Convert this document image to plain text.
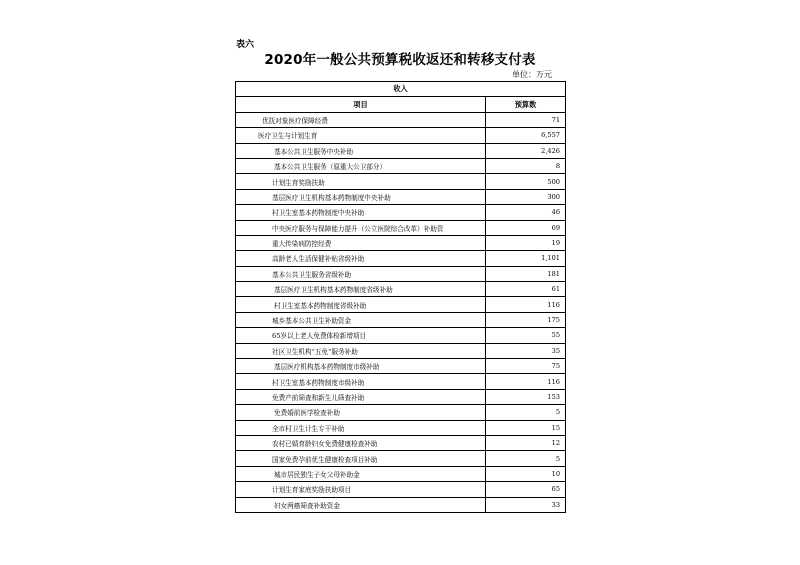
表六
2020年一般公共预算税收返还和转移支付表
单位：万元
收入	
项目	预算数
优抚对象医疗保障经费	71
医疗卫生与计划生育	6,557
基本公共卫生服务中央补助	2,426
基本公共卫生服务（原重大公卫部分）	8
计划生育奖励扶助	500
基层医疗卫生机构基本药物制度中央补助	300
村卫生室基本药物制度中央补助	46
中央医疗服务与保障能力提升（公立医院综合改革）补助资	69
重大传染病防控经费	19
高龄老人生活保健补贴省级补助	1,101
基本公共卫生服务省级补助	181
基层医疗卫生机构基本药物制度省级补助	61
村卫生室基本药物制度省级补助	116
城乡基本公共卫生补助资金	175
65岁以上老人免费体检新增项目	55
社区卫生机构“五免”服务补助	35
基层医疗机构基本药物制度市级补助	75
村卫生室基本药物制度市级补助	116
免费产前筛查和新生儿筛查补助	153
免费婚前医学检查补助	5
全市村卫生计生专干补助	15
农村已婚育龄妇女免费健康检查补助	12
国家免费孕前优生健康检查项目补助	5
城市居民独生子女父母补助金	10
计划生育家庭奖励扶助项目	65
妇女两癌筛查补助资金	33
